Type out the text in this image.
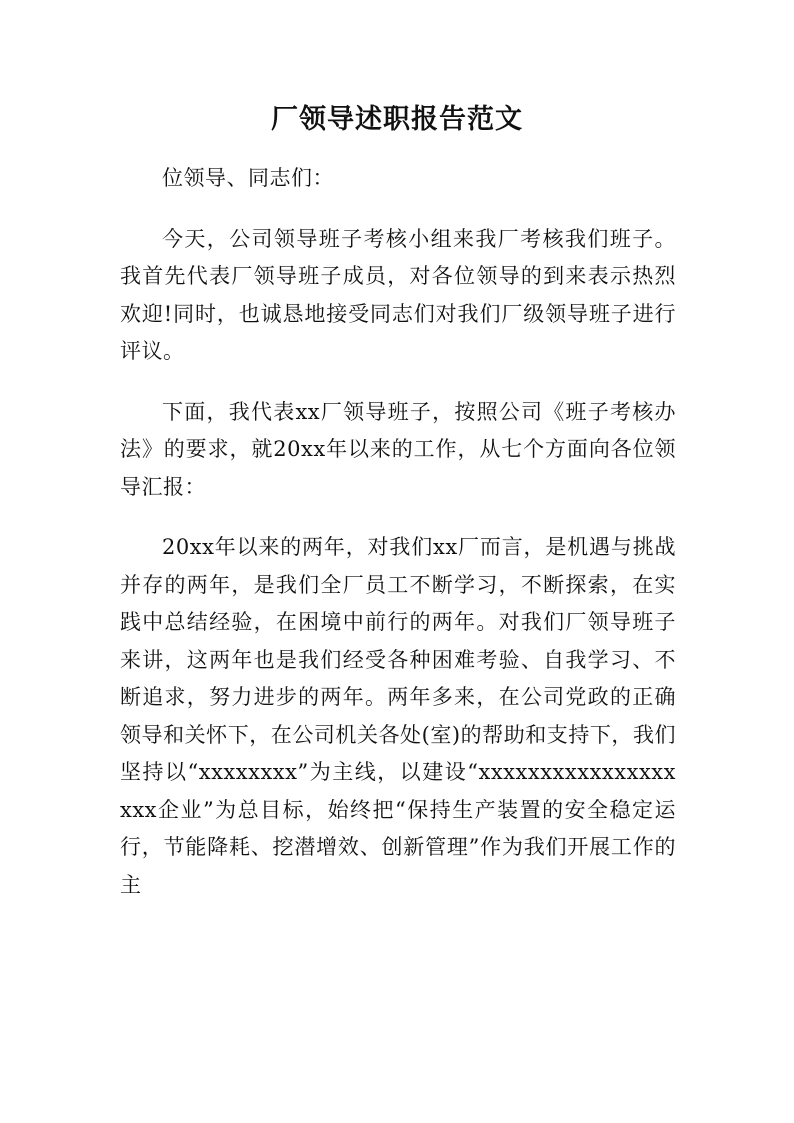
厂领导述职报告范文

位领导、同志们：

今天，公司领导班子考核小组来我厂考核我们班子。我首先代表厂领导班子成员，对各位领导的到来表示热烈欢迎!同时，也诚恳地接受同志们对我们厂级领导班子进行评议。

下面，我代表xx厂领导班子，按照公司《班子考核办法》的要求，就20xx年以来的工作，从七个方面向各位领导汇报：

20xx年以来的两年，对我们xx厂而言，是机遇与挑战并存的两年，是我们全厂员工不断学习，不断探索，在实践中总结经验，在困境中前行的两年。对我们厂领导班子来讲，这两年也是我们经受各种困难考验、自我学习、不断追求，努力进步的两年。两年多来，在公司党政的正确领导和关怀下，在公司机关各处(室)的帮助和支持下，我们坚持以“xxxxxxxx”为主线，以建设“xxxxxxxxxxxxxxxxxxx企业”为总目标，始终把“保持生产装置的安全稳定运行，节能降耗、挖潜增效、创新管理”作为我们开展工作的主
